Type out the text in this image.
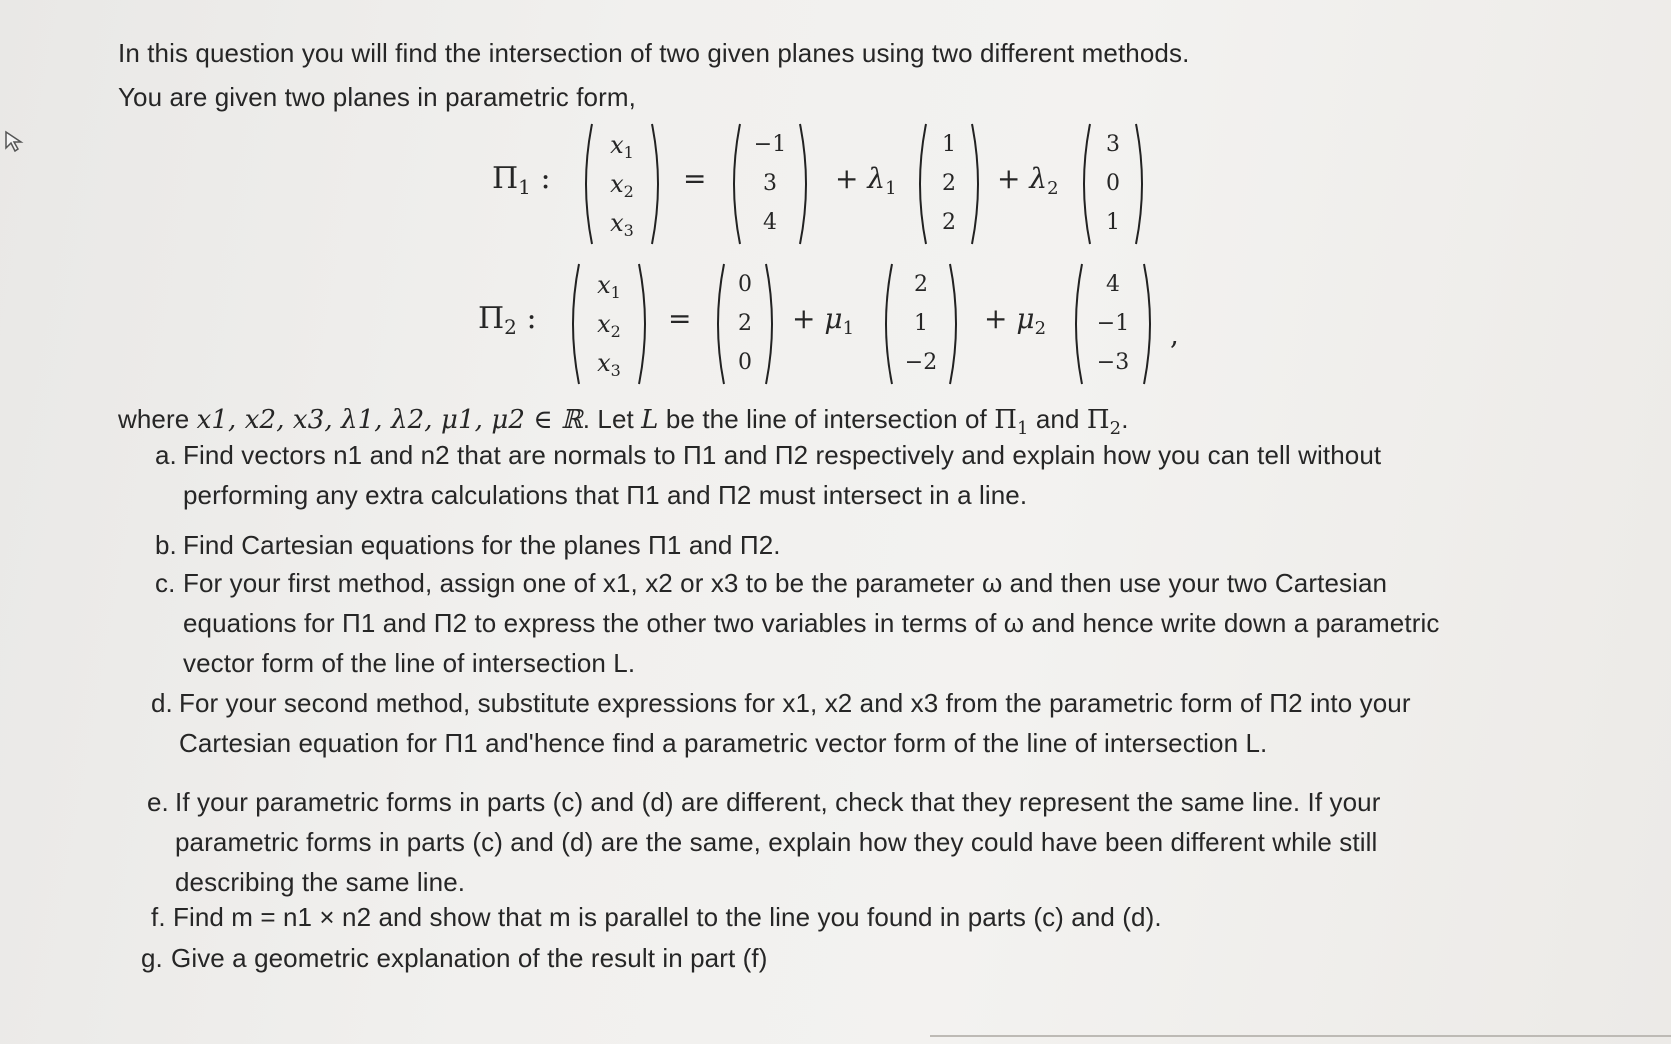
In this question you will find the intersection of two given planes using two different methods.
You are given two planes in parametric form,
$\Pi_1$ :
$x_1$
$x_2$
$x_3$
=
−1
3
4
+ $\lambda_1$
1
2
2
+ $\lambda_2$
3
0
1
$\Pi_2$ :
$x_1$
$x_2$
$x_3$
=
0
2
0
+ $\mu_1$
2
1
−2
+ $\mu_2$
4
−1
−3
,
where x1, x2, x3, λ1, λ2, μ1, μ2 ∈ ℝ. Let L be the line of intersection of $\Pi_1$ and $\Pi_2$.
a. Find vectors n1 and n2 that are normals to Π1 and Π2 respectively and explain how you can tell without
performing any extra calculations that Π1 and Π2 must intersect in a line.
b. Find Cartesian equations for the planes Π1 and Π2.
c. For your first method, assign one of x1, x2 or x3 to be the parameter ω and then use your two Cartesian
equations for Π1 and Π2 to express the other two variables in terms of ω and hence write down a parametric
vector form of the line of intersection L.
d. For your second method, substitute expressions for x1, x2 and x3 from the parametric form of Π2 into your
Cartesian equation for Π1 and'hence find a parametric vector form of the line of intersection L.
e. If your parametric forms in parts (c) and (d) are different, check that they represent the same line. If your
parametric forms in parts (c) and (d) are the same, explain how they could have been different while still
describing the same line.
f. Find m = n1 × n2 and show that m is parallel to the line you found in parts (c) and (d).
g. Give a geometric explanation of the result in part (f)
